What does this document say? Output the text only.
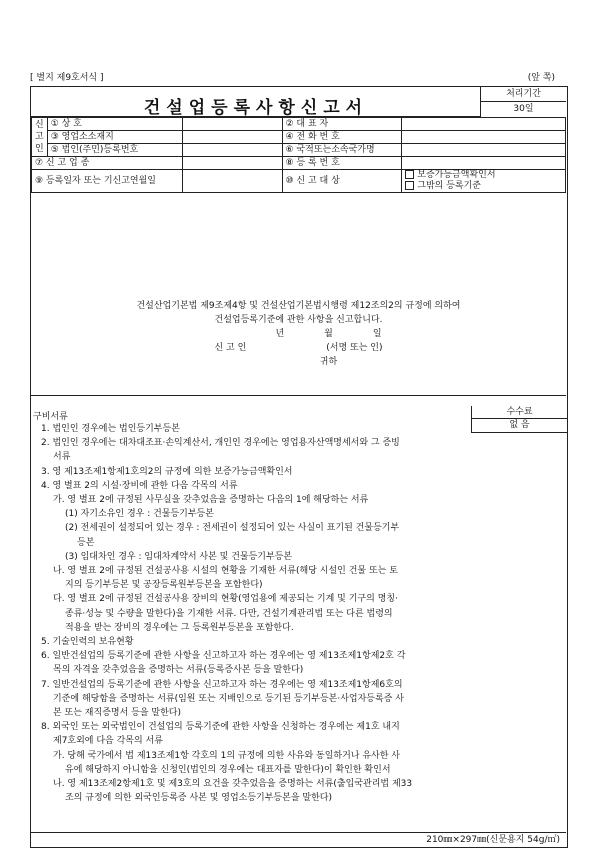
[ 별지 제9호서식 ]	(앞 쪽)
건설업등록사항신고서
처리기간
30일
신
고
인	① 상 호		② 대 표 자	
	③ 영업소소재지		④ 전 화 번 호	
	⑤ 법인(주민)등록번호		⑥ 국적또는소속국가명	
⑦ 신 고 업 종			⑧ 등 록 번 호	
⑨ 등록일자 또는 기신고연월일			⑩ 신 고 대 상	보증가능금액확인서
그밖의 등록기준
건설산업기본법 제9조제4항 및 건설산업기본법시행령 제12조의2의 규정에 의하여
건설업등록기준에 관한 사항을 신고합니다.
년	월	일
신 고 인	(서명 또는 인)
귀하
구비서류	수수료
없 음
1. 법인인 경우에는 법인등기부등본
2. 법인인 경우에는 대차대조표·손익계산서, 개인인 경우에는 영업용자산액명세서와 그 증빙
서류
3. 영 제13조제1항제1호의2의 규정에 의한 보증가능금액확인서
4. 영 별표 2의 시설·장비에 관한 다음 각목의 서류
가. 영 별표 2에 규정된 사무실을 갖추었음을 증명하는 다음의 1에 해당하는 서류
(1) 자기소유인 경우 : 건물등기부등본
(2) 전세권이 설정되어 있는 경우 : 전세권이 설정되어 있는 사실이 표기된 건물등기부
등본
(3) 임대차인 경우 : 임대차계약서 사본 및 건물등기부등본
나. 영 별표 2에 규정된 건설공사용 시설의 현황을 기재한 서류(해당 시설인 건물 또는 토
지의 등기부등본 및 공장등록원부등본을 포함한다)
다. 영 별표 2에 규정된 건설공사용 장비의 현황(영업용에 제공되는 기계 및 기구의 명칭·
종류·성능 및 수량을 말한다)을 기재한 서류. 다만, 건설기계관리법 또는 다른 법령의
적용을 받는 장비의 경우에는 그 등록원부등본을 포함한다.
5. 기술인력의 보유현황
6. 일반건설업의 등록기준에 관한 사항을 신고하고자 하는 경우에는 영 제13조제1항제2호 각
목의 자격을 갖추었음을 증명하는 서류(등록증사본 등을 말한다)
7. 일반건설업의 등록기준에 관한 사항을 신고하고자 하는 경우에는 영 제13조제1항제6호의
기준에 해당함을 증명하는 서류(임원 또는 지배인으로 등기된 등기부등본·사업자등록증 사
본 또는 재직증명서 등을 말한다)
8. 외국인 또는 외국법인이 건설업의 등록기준에 관한 사항을 신청하는 경우에는 제1호 내지
제7호외에 다음 각목의 서류
가. 당해 국가에서 법 제13조제1항 각호의 1의 규정에 의한 사유와 동일하거나 유사한 사
유에 해당하지 아니함을 신청인(법인의 경우에는 대표자를 말한다)이 확인한 확인서
나. 영 제13조제2항제1호 및 제3호의 요건을 갖추었음을 증명하는 서류(출입국관리법 제33
조의 규정에 의한 외국인등록증 사본 및 영업소등기부등본을 말한다)
210㎜×297㎜(신문용지 54g/㎡)
